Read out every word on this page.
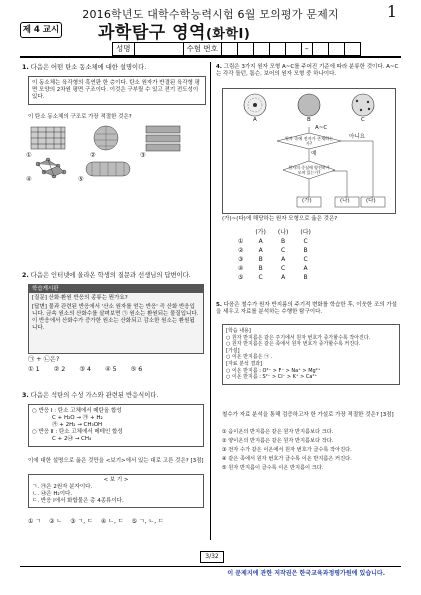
2016학년도 대학수학능력시험 6월 모의평가 문제지	1
제 4 교시 과학탐구 영역(화학Ⅰ)
성명	수험 번호	–
1. 다음은 어떤 탄소 동소체에 대한 설명이다.
이 동소체는 육각형의 흑연판 한 층이다. 탄소 원자가 반결된 육각형 평면 모양의 2차원 평면 구조이다. 이것은 구부릴 수 있고 전기 전도성이 있다.
이 탄소 동소체의 구조로 가장 적절한 것은?
①	②	③
④	⑤
2. 다음은 인터넷에 올라온 학생의 질문과 선생님의 답변이다.
학습게시판
[질문] 산화·환원 반응의 종류는 뭔가요?
[답변] 물과 관련된 반응에서 '산소 원자를 얻는 반응' 즉 산화 반응입니다. 금속 원소의 산화수를 살펴보면 ㉠ 원소는 환원되는 물질입니다. 이 반응에서 산화수가 증가한 원소는 산화되고 감소한 원소는 환원됩니다.
㉠ + ㉡은?
① 1 ② 2 ③ 4 ④ 5 ⑤ 6
3. 다음은 석탄의 수성 가스와 관련된 반응식이다.
○ 반응 Ⅰ : 탄소 고체에서 메탄올 합성
C + H₂O → ㉮ + H₂
㉮ + 2H₂ → CH₃OH
○ 반응 Ⅱ : 탄소 고체에서 메테인 합성
C + 2㉯ → CH₄
이에 대한 설명으로 옳은 것만을 <보기>에서 있는 대로 고른 것은? [3점]
< 보 기 >
ㄱ. ㉮은 2원자 분자이다.
ㄴ. ㉯은 H₂이다.
ㄷ. 반응 Ⅰ에서 화합물은 총 4종류이다.
① ㄱ ② ㄴ ③ ㄱ, ㄷ ④ ㄴ, ㄷ ⑤ ㄱ, ㄴ, ㄷ
4. 그림은 3가지 원자 모형 A~C를 주어진 기준에 따라 분류한 것이다. A~C는 각각 돌턴, 톰슨, 보어의 원자 모형 중 하나이다.
A	B	C
A~C
원자 속에 전자가 존재하는가?
원자의 중심에 양전하가 모여 있는가?
예
아니요
(가)	(나)	(다)
(가)~(다)에 해당하는 원자 모형으로 옳은 것은?
	(가)	(나)	(다)
①	A	B	C
②	A	C	B
③	B	A	C
④	B	C	A
⑤	C	A	B
5. 다음은 철수가 원자 반지름의 주기적 변화를 학습한 후, 이웃한 조의 가설을 세우고 자료를 분석하는 수행한 탐구이다.
[학습 내용]
○ 원자 반지름은 같은 주기에서 원자 번호가 증가할수록 작아진다.
○ 원자 반지름은 같은 족에서 원자 번호가 증가할수록 커진다.
[가설]
○ 이온 반지름은 ㉠ .
[자료 분석 결과]
○ 이온 반지름 : O²⁻ > F⁻ > Na⁺ > Mg²⁺
○ 이온 반지름 : S²⁻ > Cl⁻ > K⁺ > Ca²⁺
철수가 자료 분석을 통해 검증하고자 한 가설로 가장 적절한 것은? [3점]
① 음이온의 반지름은 같은 원자 반지름보다 크다.
② 양이온의 반지름은 같은 원자 반지름보다 작다.
③ 전자 수가 같은 이온에서 원자 번호가 클수록 작아진다.
④ 같은 족에서 원자 번호가 클수록 이온 반지름은 커진다.
⑤ 원자 반지름이 클수록 이온 반지름이 크다.
3/32
이 문제지에 관한 저작권은 한국교육과정평가원에 있습니다.
